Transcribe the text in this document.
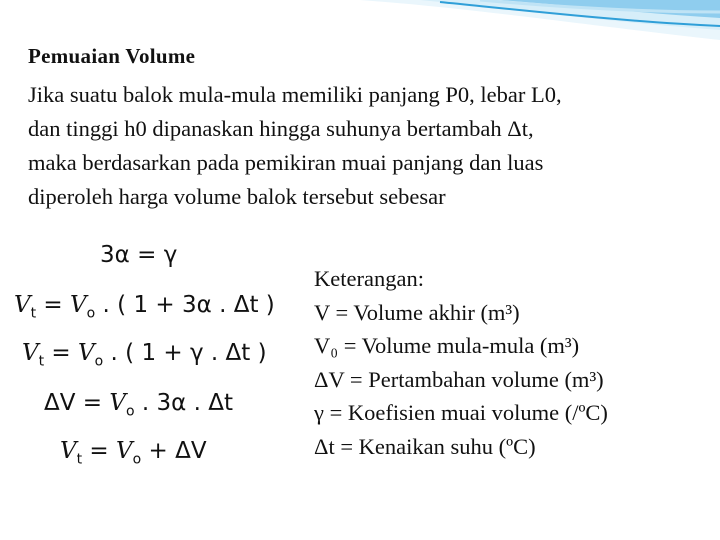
Pemuaian Volume

Jika suatu balok mula-mula memiliki panjang P0, lebar L0,

dan tinggi h0 dipanaskan hingga suhunya bertambah Δt,

maka berdasarkan pada pemikiran muai panjang dan luas

diperoleh harga volume balok tersebut sebesar

3α = γ
$V_t = V_o$ . ( 1 + 3α . Δt )
$V_t = V_o$ . ( 1 + γ . Δt )
$\Delta V = V_o$ . 3α . Δt
$V_t = V_o + \Delta V$
Keterangan:
V = Volume akhir (m³)
V₀ = Volume mula-mula (m³)
ΔV = Pertambahan volume (m³)
γ = Koefisien muai volume (/ºC)
Δt = Kenaikan suhu (ºC)
